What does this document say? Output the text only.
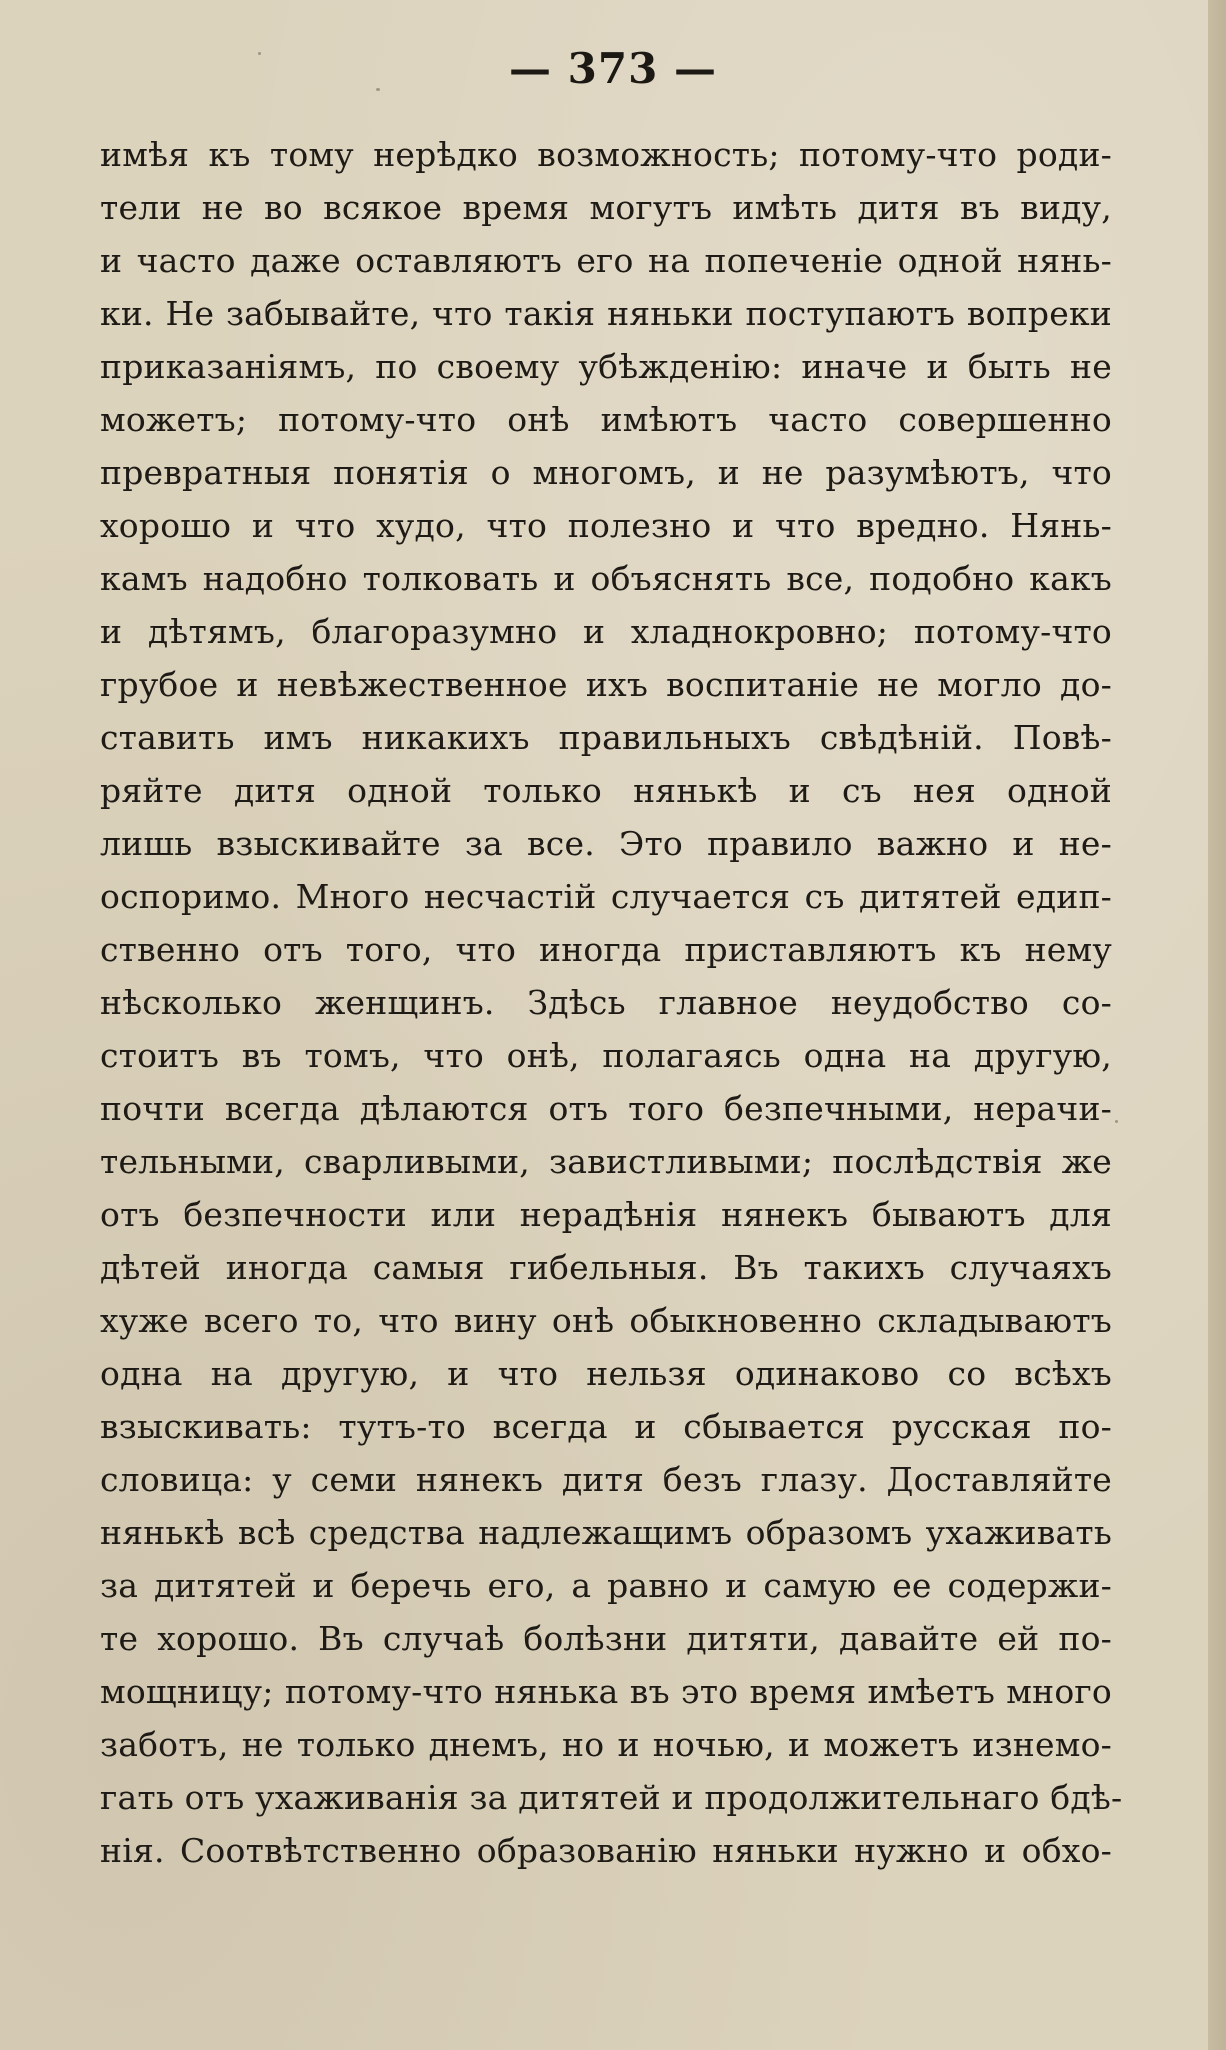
— 373 —
имѣя къ тому нерѣдко возможность; потому-что роди-
тели не во всякое время могутъ имѣть дитя въ виду,
и часто даже оставляютъ его на попеченіе одной нянь-
ки. Не забывайте, что такія няньки поступаютъ вопреки
приказаніямъ, по своему убѣжденію: иначе и быть не
можетъ; потому-что онѣ имѣютъ часто совершенно
превратныя понятія о многомъ, и не разумѣютъ, что
хорошо и что худо, что полезно и что вредно. Нянь-
камъ надобно толковать и объяснять все, подобно какъ
и дѣтямъ, благоразумно и хладнокровно; потому-что
грубое и невѣжественное ихъ воспитаніе не могло до-
ставить имъ никакихъ правильныхъ свѣдѣній. Повѣ-
ряйте дитя одной только нянькѣ и съ нея одной
лишь взыскивайте за все. Это правило важно и не-
оспоримо. Много несчастій случается съ дитятей едип-
ственно отъ того, что иногда приставляютъ къ нему
нѣсколько женщинъ. Здѣсь главное неудобство со-
стоитъ въ томъ, что онѣ, полагаясь одна на другую,
почти всегда дѣлаются отъ того безпечными, нерачи-
тельными, сварливыми, завистливыми; послѣдствія же
отъ безпечности или нерадѣнія нянекъ бываютъ для
дѣтей иногда самыя гибельныя. Въ такихъ случаяхъ
хуже всего то, что вину онѣ обыкновенно складываютъ
одна на другую, и что нельзя одинаково со всѣхъ
взыскивать: тутъ-то всегда и сбывается русская по-
словица: у семи нянекъ дитя безъ глазу. Доставляйте
нянькѣ всѣ средства надлежащимъ образомъ ухаживать
за дитятей и беречь его, а равно и самую ее содержи-
те хорошо. Въ случаѣ болѣзни дитяти, давайте ей по-
мощницу; потому-что нянька въ это время имѣетъ много
заботъ, не только днемъ, но и ночью, и можетъ изнемо-
гать отъ ухаживанія за дитятей и продолжительнаго бдѣ-
нія. Соотвѣтственно образованію няньки нужно и обхо-
